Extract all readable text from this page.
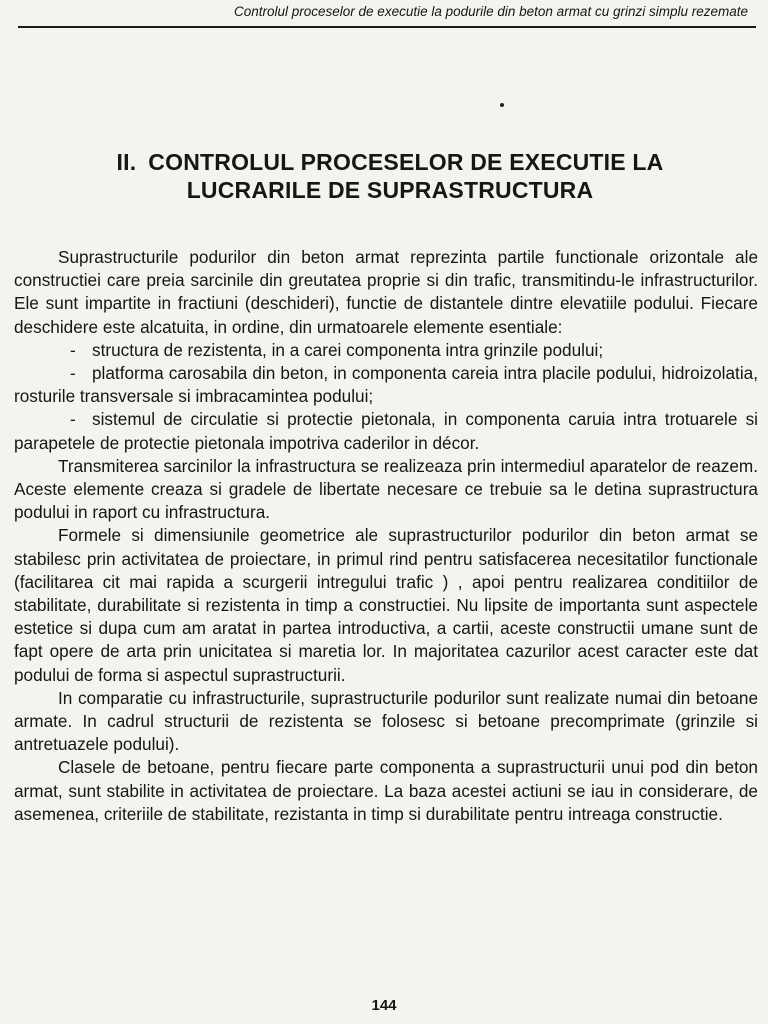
Controlul proceselor de executie la podurile din beton armat cu grinzi simplu rezemate
II. CONTROLUL PROCESELOR DE EXECUTIE LA
LUCRARILE DE SUPRASTRUCTURA

Suprastructurile podurilor din beton armat reprezinta partile functionale orizontale ale constructiei care preia sarcinile din greutatea proprie si din trafic, transmitindu-le infrastructurilor. Ele sunt impartite in fractiuni (deschideri), functie de distantele dintre elevatiile podului. Fiecare deschidere este alcatuita, in ordine, din urmatoarele elemente esentiale:

- structura de rezistenta, in a carei componenta intra grinzile podului;

- platforma carosabila din beton, in componenta careia intra placile podului, hidroizolatia, rosturile transversale si imbracamintea podului;

- sistemul de circulatie si protectie pietonala, in componenta caruia intra trotuarele si parapetele de protectie pietonala impotriva caderilor in décor.

Transmiterea sarcinilor la infrastructura se realizeaza prin intermediul aparatelor de reazem. Aceste elemente creaza si gradele de libertate necesare ce trebuie sa le detina suprastructura podului in raport cu infrastructura.

Formele si dimensiunile geometrice ale suprastructurilor podurilor din beton armat se stabilesc prin activitatea de proiectare, in primul rind pentru satisfacerea necesitatilor functionale (facilitarea cit mai rapida a scurgerii intregului trafic ) , apoi pentru realizarea conditiilor de stabilitate, durabilitate si rezistenta in timp a constructiei. Nu lipsite de importanta sunt aspectele estetice si dupa cum am aratat in partea introductiva, a cartii, aceste constructii umane sunt de fapt opere de arta prin unicitatea si maretia lor. In majoritatea cazurilor acest caracter este dat podului de forma si aspectul suprastructurii.

In comparatie cu infrastructurile, suprastructurile podurilor sunt realizate numai din betoane armate. In cadrul structurii de rezistenta se folosesc si betoane precomprimate (grinzile si antretuazele podului).

Clasele de betoane, pentru fiecare parte componenta a suprastructurii unui pod din beton armat, sunt stabilite in activitatea de proiectare. La baza acestei actiuni se iau in considerare, de asemenea, criteriile de stabilitate, rezistanta in timp si durabilitate pentru intreaga constructie.

144
